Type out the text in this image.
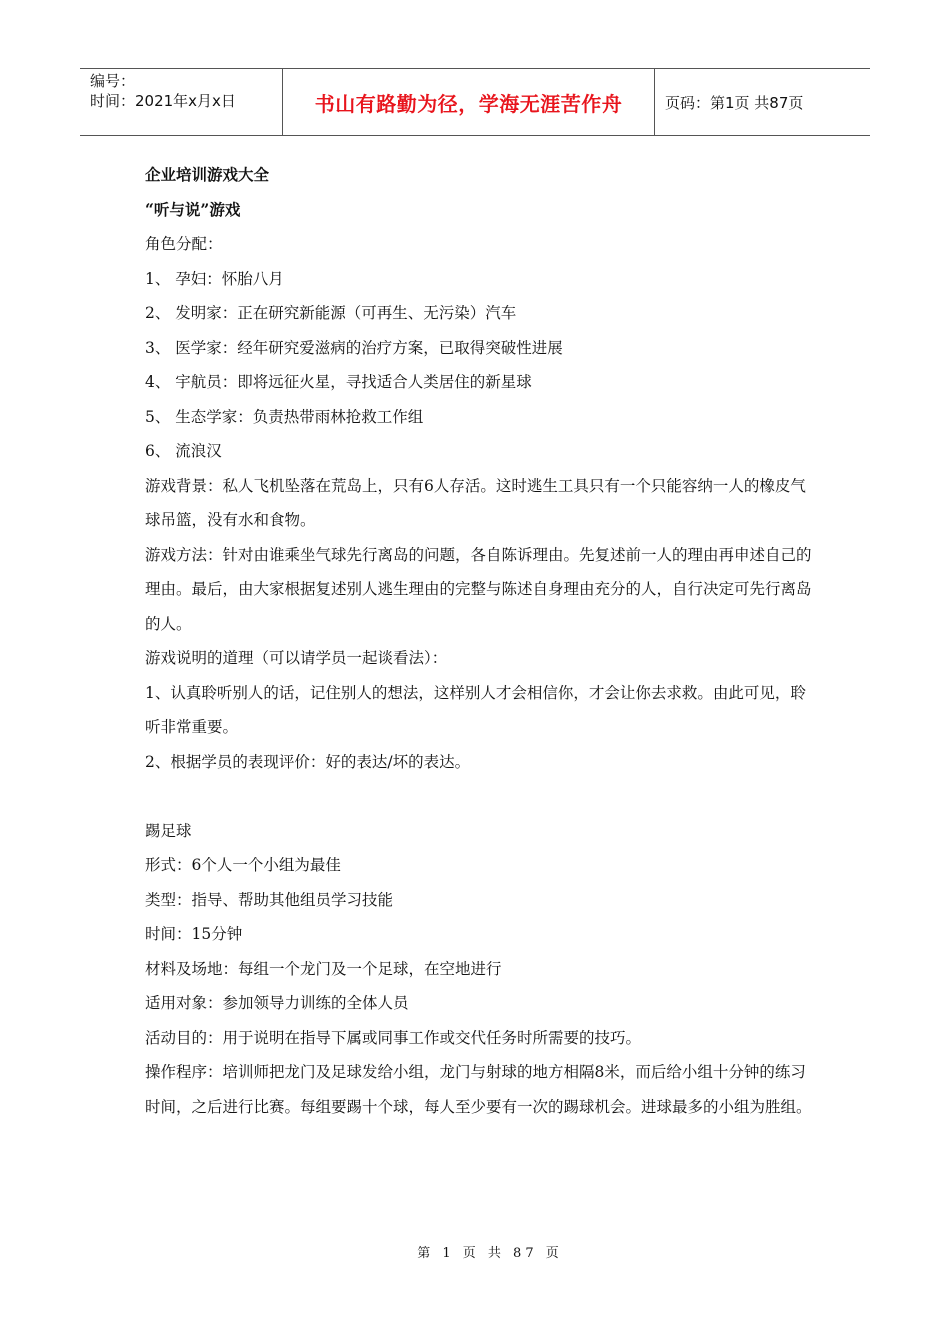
编号：
时间：2021年x月x日	书山有路勤为径，学海无涯苦作舟	页码：第1页 共87页

企业培训游戏大全

“听与说”游戏

角色分配：

1、 孕妇：怀胎八月

2、 发明家：正在研究新能源（可再生、无污染）汽车

3、 医学家：经年研究爱滋病的治疗方案，已取得突破性进展

4、 宇航员：即将远征火星，寻找适合人类居住的新星球

5、 生态学家：负责热带雨林抢救工作组

6、 流浪汉

游戏背景：私人飞机坠落在荒岛上，只有6人存活。这时逃生工具只有一个只能容纳一人的橡皮气球吊篮，没有水和食物。

游戏方法：针对由谁乘坐气球先行离岛的问题，各自陈诉理由。先复述前一人的理由再申述自己的理由。最后，由大家根据复述别人逃生理由的完整与陈述自身理由充分的人，自行决定可先行离岛的人。

游戏说明的道理（可以请学员一起谈看法）：

1、认真聆听别人的话，记住别人的想法，这样别人才会相信你，才会让你去求救。由此可见，聆听非常重要。

2、根据学员的表现评价：好的表达/坏的表达。

踢足球

形式：6个人一个小组为最佳

类型：指导、帮助其他组员学习技能

时间：15分钟

材料及场地：每组一个龙门及一个足球，在空地进行

适用对象：参加领导力训练的全体人员

活动目的：用于说明在指导下属或同事工作或交代任务时所需要的技巧。

操作程序：培训师把龙门及足球发给小组，龙门与射球的地方相隔8米，而后给小组十分钟的练习时间，之后进行比赛。每组要踢十个球，每人至少要有一次的踢球机会。进球最多的小组为胜组。

第 1 页 共 87 页
